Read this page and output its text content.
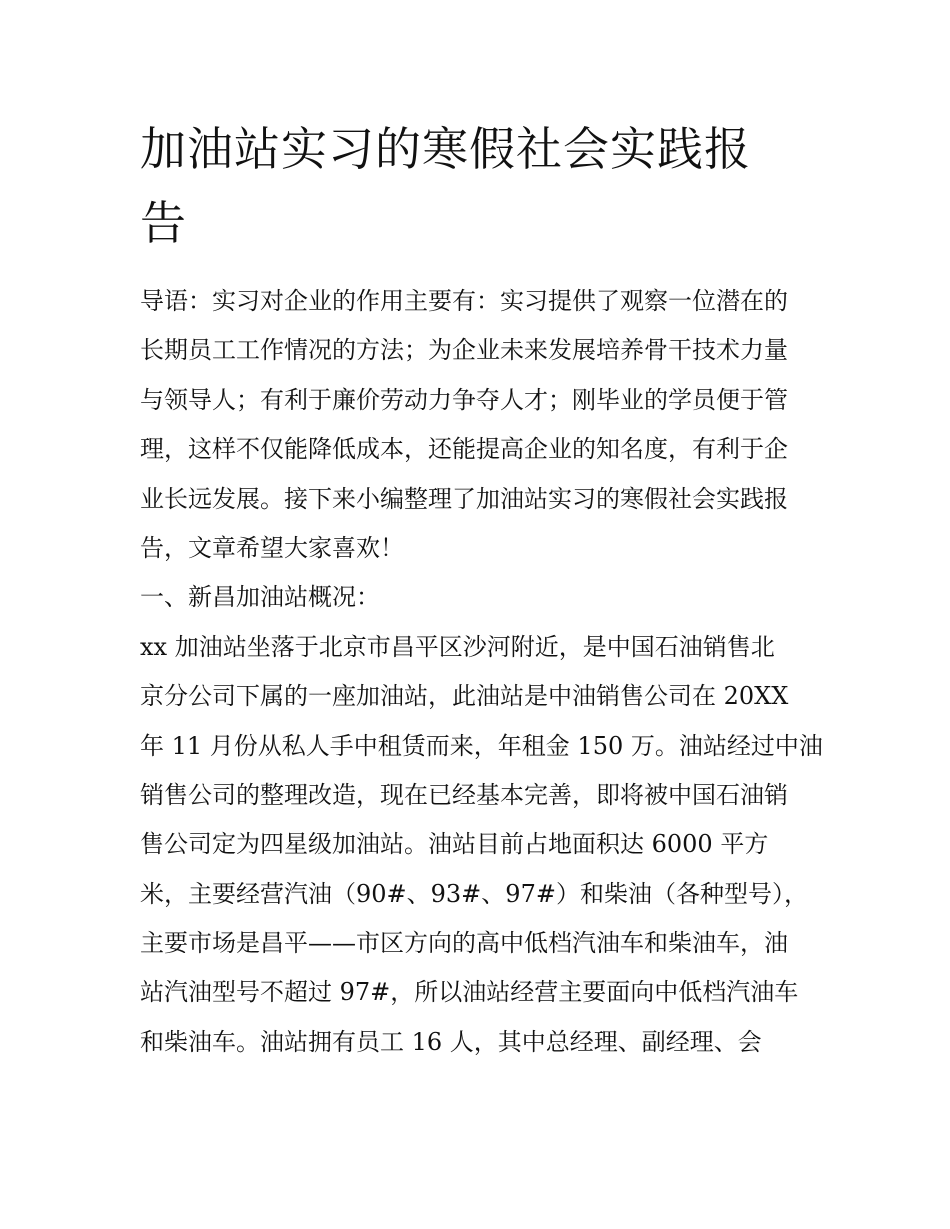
加油站实习的寒假社会实践报
告
导语：实习对企业的作用主要有：实习提供了观察一位潜在的
长期员工工作情况的方法；为企业未来发展培养骨干技术力量
与领导人；有利于廉价劳动力争夺人才；刚毕业的学员便于管
理，这样不仅能降低成本，还能提高企业的知名度，有利于企
业长远发展。接下来小编整理了加油站实习的寒假社会实践报
告，文章希望大家喜欢！
一、新昌加油站概况：
xx 加油站坐落于北京市昌平区沙河附近，是中国石油销售北
京分公司下属的一座加油站，此油站是中油销售公司在 20XX
年 11 月份从私人手中租赁而来，年租金 150 万。油站经过中油
销售公司的整理改造，现在已经基本完善，即将被中国石油销
售公司定为四星级加油站。油站目前占地面积达 6000 平方
米，主要经营汽油（90#、93#、97#）和柴油（各种型号），
主要市场是昌平——市区方向的高中低档汽油车和柴油车，油
站汽油型号不超过 97#，所以油站经营主要面向中低档汽油车
和柴油车。油站拥有员工 16 人，其中总经理、副经理、会
